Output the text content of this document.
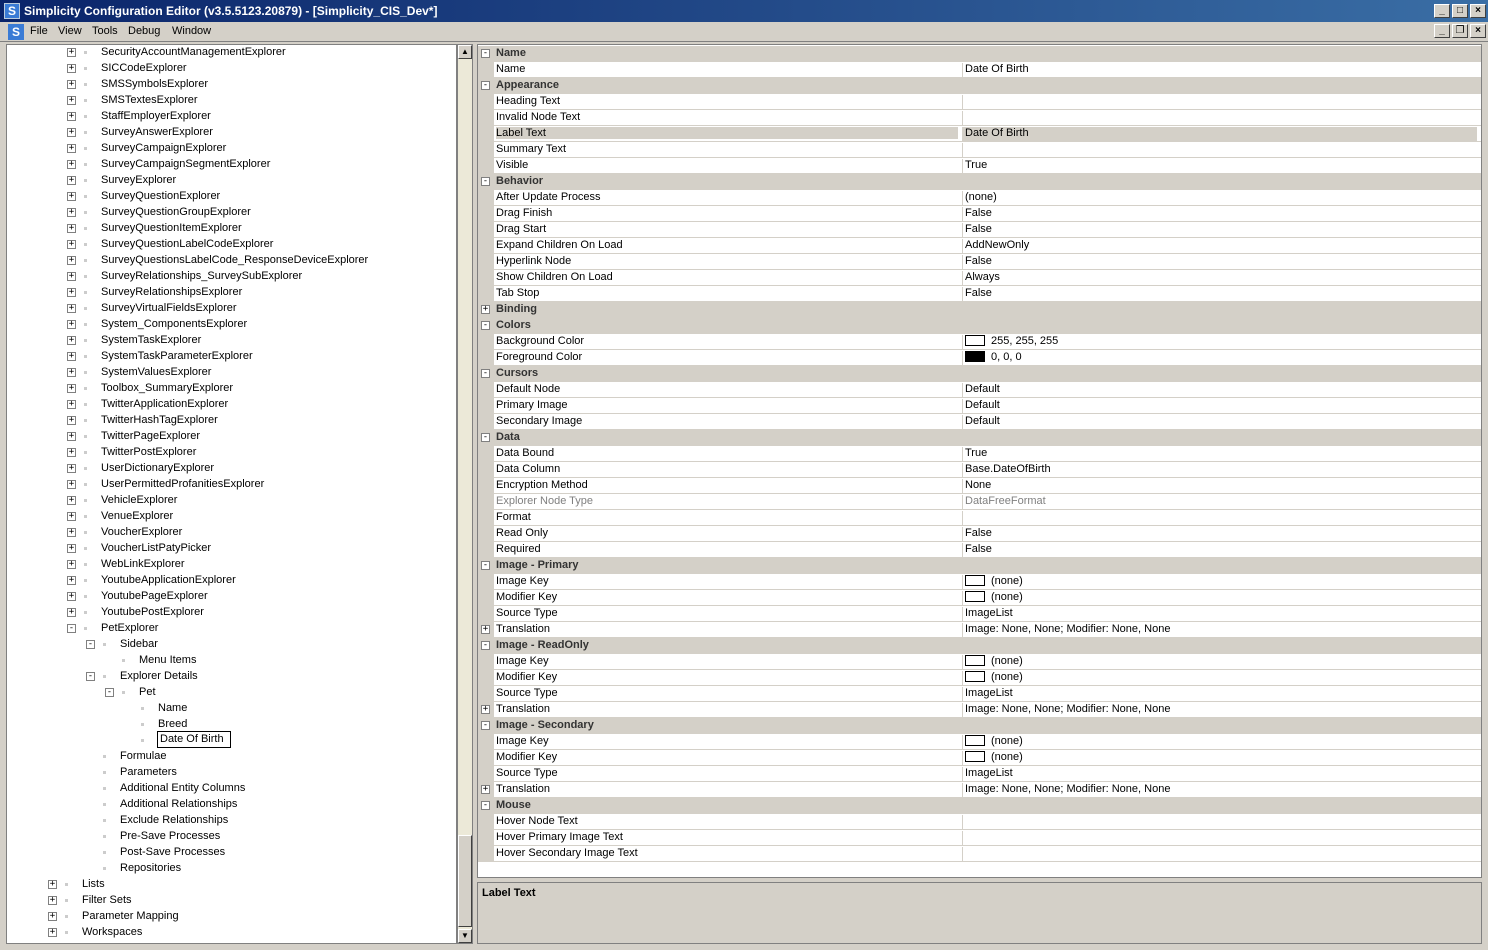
S Simplicity Configuration Editor (v3.5.5123.20879) - [Simplicity_CIS_Dev*]	_	□	×
S File View Tools Debug Window	_	❐	×
+ SecurityAccountManagementExplorer
+ SICCodeExplorer
+ SMSSymbolsExplorer
+ SMSTextesExplorer
+ StaffEmployerExplorer
+ SurveyAnswerExplorer
+ SurveyCampaignExplorer
+ SurveyCampaignSegmentExplorer
+ SurveyExplorer
+ SurveyQuestionExplorer
+ SurveyQuestionGroupExplorer
+ SurveyQuestionItemExplorer
+ SurveyQuestionLabelCodeExplorer
+ SurveyQuestionsLabelCode_ResponseDeviceExplorer
+ SurveyRelationships_SurveySubExplorer
+ SurveyRelationshipsExplorer
+ SurveyVirtualFieldsExplorer
+ System_ComponentsExplorer
+ SystemTaskExplorer
+ SystemTaskParameterExplorer
+ SystemValuesExplorer
+ Toolbox_SummaryExplorer
+ TwitterApplicationExplorer
+ TwitterHashTagExplorer
+ TwitterPageExplorer
+ TwitterPostExplorer
+ UserDictionaryExplorer
+ UserPermittedProfanitiesExplorer
+ VehicleExplorer
+ VenueExplorer
+ VoucherExplorer
+ VoucherListPatyPicker
+ WebLinkExplorer
+ YoutubeApplicationExplorer
+ YoutubePageExplorer
+ YoutubePostExplorer
- PetExplorer
- Sidebar
Menu Items
- Explorer Details
- Pet
Name
Breed
Date Of Birth
Formulae
Parameters
Additional Entity Columns
Additional Relationships
Exclude Relationships
Pre-Save Processes
Post-Save Processes
Repositories
+ Lists
+ Filter Sets
+ Parameter Mapping
+ Workspaces
▲
▼
- Name
Name	Date Of Birth
- Appearance
Heading Text
Invalid Node Text
Label Text	Date Of Birth
Summary Text
Visible	True
- Behavior
After Update Process	(none)
Drag Finish	False
Drag Start	False
Expand Children On Load	AddNewOnly
Hyperlink Node	False
Show Children On Load	Always
Tab Stop	False
+ Binding
- Colors
Background Color	255, 255, 255
Foreground Color	0, 0, 0
- Cursors
Default Node	Default
Primary Image	Default
Secondary Image	Default
- Data
Data Bound	True
Data Column	Base.DateOfBirth
Encryption Method	None
Explorer Node Type	DataFreeFormat
Format
Read Only	False
Required	False
- Image - Primary
Image Key	(none)
Modifier Key	(none)
Source Type	ImageList
+ Translation	Image: None, None; Modifier: None, None
- Image - ReadOnly
Image Key	(none)
Modifier Key	(none)
Source Type	ImageList
+ Translation	Image: None, None; Modifier: None, None
- Image - Secondary
Image Key	(none)
Modifier Key	(none)
Source Type	ImageList
+ Translation	Image: None, None; Modifier: None, None
- Mouse
Hover Node Text
Hover Primary Image Text
Hover Secondary Image Text
Label Text
